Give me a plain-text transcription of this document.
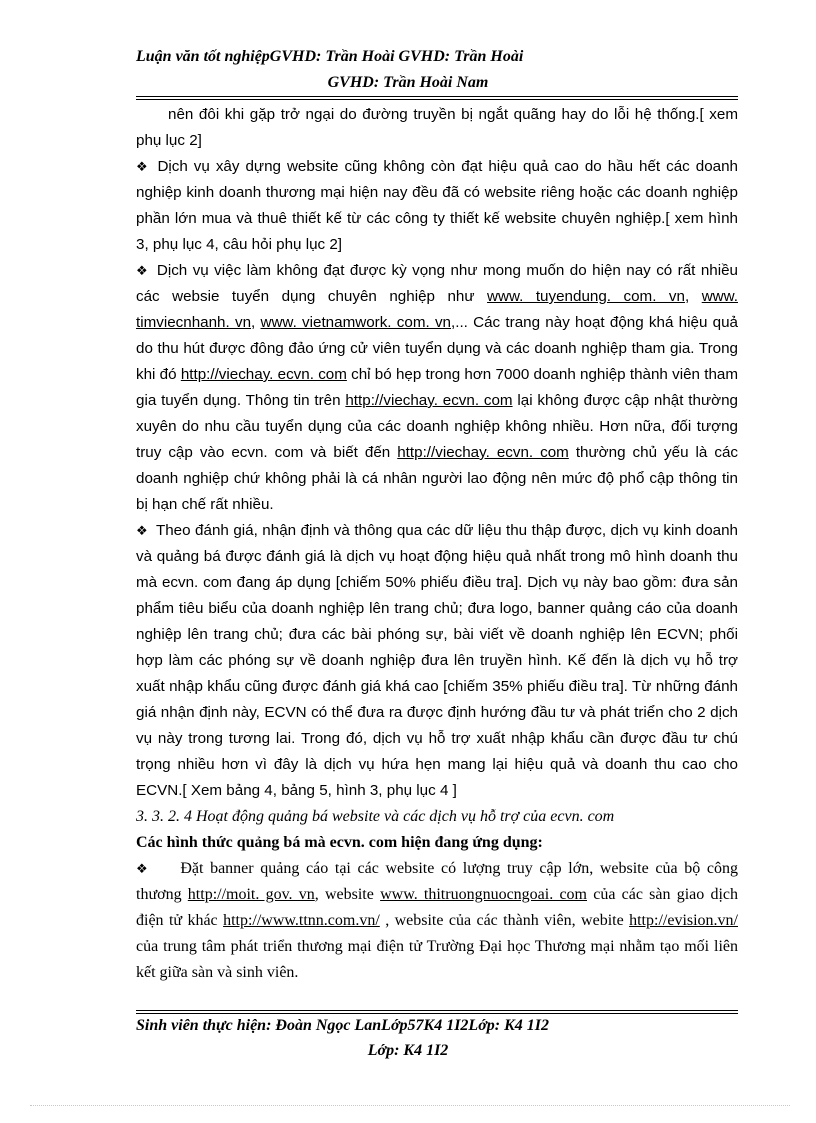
Luận văn tốt nghiệpGVHD: Trần Hoài GVHD: Trần Hoài
GVHD: Trần Hoài Nam

nên đôi khi gặp trở ngại do đường truyền bị ngắt quãng hay do lỗi hệ thống.[ xem phụ lục 2]

❖ Dịch vụ xây dựng website cũng không còn đạt hiệu quả cao do hầu hết các doanh nghiệp kinh doanh thương mại hiện nay đều đã có website riêng hoặc các doanh nghiệp phần lớn mua và thuê thiết kế từ các công ty thiết kế website chuyên nghiệp.[ xem hình 3, phụ lục 4, câu hỏi phụ lục 2]

❖ Dịch vụ việc làm không đạt được kỳ vọng như mong muốn do hiện nay có rất nhiều các websie tuyển dụng chuyên nghiệp như www. tuyendung. com. vn, www. timviecnhanh. vn, www. vietnamwork. com. vn,... Các trang này hoạt động khá hiệu quả do thu hút được đông đảo ứng cử viên tuyển dụng và các doanh nghiệp tham gia. Trong khi đó http://viechay. ecvn. com chỉ bó hẹp trong hơn 7000 doanh nghiệp thành viên tham gia tuyển dụng. Thông tin trên http://viechay. ecvn. com lại không được cập nhật thường xuyên do nhu cầu tuyển dụng của các doanh nghiệp không nhiều. Hơn nữa, đối tượng truy cập vào ecvn. com và biết đến http://viechay. ecvn. com thường chủ yếu là các doanh nghiệp chứ không phải là cá nhân người lao động nên mức độ phổ cập thông tin bị hạn chế rất nhiều.

❖ Theo đánh giá, nhận định và thông qua các dữ liệu thu thập được, dịch vụ kinh doanh và quảng bá được đánh giá là dịch vụ hoạt động hiệu quả nhất trong mô hình doanh thu mà ecvn. com đang áp dụng [chiếm 50% phiếu điều tra]. Dịch vụ này bao gồm: đưa sản phẩm tiêu biểu của doanh nghiệp lên trang chủ; đưa logo, banner quảng cáo của doanh nghiệp lên trang chủ; đưa các bài phóng sự, bài viết về doanh nghiệp lên ECVN; phối hợp làm các phóng sự về doanh nghiệp đưa lên truyền hình. Kế đến là dịch vụ hỗ trợ xuất nhập khẩu cũng được đánh giá khá cao [chiếm 35% phiếu điều tra]. Từ những đánh giá nhận định này, ECVN có thể đưa ra được định hướng đầu tư và phát triển cho 2 dịch vụ này trong tương lai. Trong đó, dịch vụ hỗ trợ xuất nhập khẩu cần được đầu tư chú trọng nhiều hơn vì đây là dịch vụ hứa hẹn mang lại hiệu quả và doanh thu cao cho ECVN.[ Xem bảng 4, bảng 5, hình 3, phụ lục 4 ]

3. 3. 2. 4 Hoạt động quảng bá website và các dịch vụ hỗ trợ của ecvn. com

Các hình thức quảng bá mà ecvn. com hiện đang ứng dụng:

❖ Đặt banner quảng cáo tại các website có lượng truy cập lớn, website của bộ công thương http://moit. gov. vn, website www. thitruongnuocngoai. com của các sàn giao dịch điện tử khác http://www.ttnn.com.vn/ , website của các thành viên, webite http://evision.vn/ của trung tâm phát triển thương mại điện tử Trường Đại học Thương mại nhằm tạo mối liên kết giữa sàn và sinh viên.

Sinh viên thực hiện: Đoàn Ngọc LanLớp57K4 1I2Lớp: K4 1I2
Lớp: K4 1I2
